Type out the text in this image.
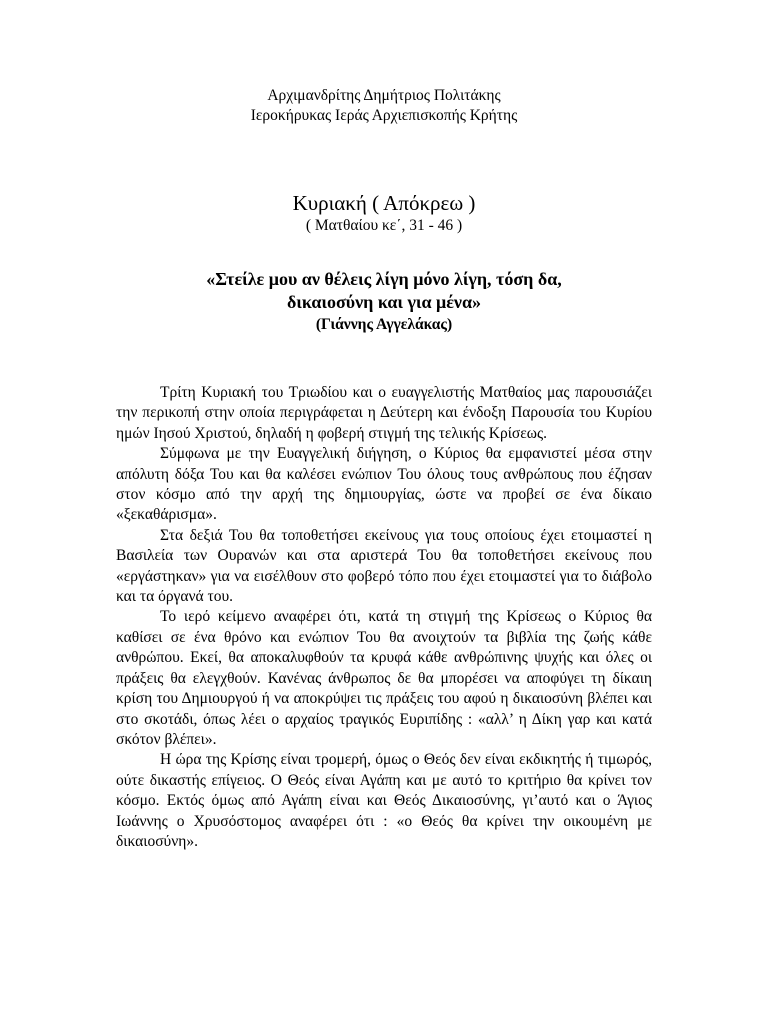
Αρχιμανδρίτης Δημήτριος Πολιτάκης
Ιεροκήρυκας Ιεράς Αρχιεπισκοπής Κρήτης
Κυριακή ( Απόκρεω )
( Ματθαίου κε΄, 31 - 46 )
«Στείλε μου αν θέλεις λίγη μόνο λίγη, τόση δα,
δικαιοσύνη και για μένα»
(Γιάννης Αγγελάκας)

Τρίτη Κυριακή του Τριωδίου και ο ευαγγελιστής Ματθαίος μας παρουσιάζει την περικοπή στην οποία περιγράφεται η Δεύτερη και ένδοξη Παρουσία του Κυρίου ημών Ιησού Χριστού, δηλαδή η φοβερή στιγμή της τελικής Κρίσεως.

Σύμφωνα με την Ευαγγελική διήγηση, ο Κύριος θα εμφανιστεί μέσα στην απόλυτη δόξα Του και θα καλέσει ενώπιον Του όλους τους ανθρώπους που έζησαν στον κόσμο από την αρχή της δημιουργίας, ώστε να προβεί σε ένα δίκαιο «ξεκαθάρισμα».

Στα δεξιά Του θα τοποθετήσει εκείνους για τους οποίους έχει ετοιμαστεί η Βασιλεία των Ουρανών και στα αριστερά Του θα τοποθετήσει εκείνους που «εργάστηκαν» για να εισέλθουν στο φοβερό τόπο που έχει ετοιμαστεί για το διάβολο και τα όργανά του.

Το ιερό κείμενο αναφέρει ότι, κατά τη στιγμή της Κρίσεως ο Κύριος θα καθίσει σε ένα θρόνο και ενώπιον Του θα ανοιχτούν τα βιβλία της ζωής κάθε ανθρώπου. Εκεί, θα αποκαλυφθούν τα κρυφά κάθε ανθρώπινης ψυχής και όλες οι πράξεις θα ελεγχθούν. Κανένας άνθρωπος δε θα μπορέσει να αποφύγει τη δίκαιη κρίση του Δημιουργού ή να αποκρύψει τις πράξεις του αφού η δικαιοσύνη βλέπει και στο σκοτάδι, όπως λέει ο αρχαίος τραγικός Ευριπίδης : «αλλ’ η Δίκη γαρ και κατά σκότον βλέπει».

Η ώρα της Κρίσης είναι τρομερή, όμως ο Θεός δεν είναι εκδικητής ή τιμωρός, ούτε δικαστής επίγειος. Ο Θεός είναι Αγάπη και με αυτό το κριτήριο θα κρίνει τον κόσμο. Εκτός όμως από Αγάπη είναι και Θεός Δικαιοσύνης, γι’αυτό και ο Άγιος Ιωάννης ο Χρυσόστομος αναφέρει ότι : «ο Θεός θα κρίνει την οικουμένη με δικαιοσύνη».
